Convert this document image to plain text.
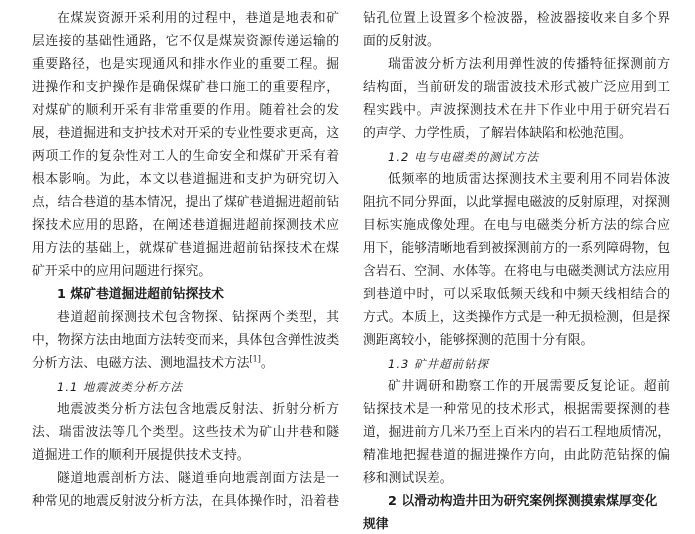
在煤炭资源开采利用的过程中，巷道是地表和矿
层连接的基础性通路，它不仅是煤炭资源传递运输的
重要路径，也是实现通风和排水作业的重要工程。掘
进操作和支护操作是确保煤矿巷口施工的重要程序，
对煤矿的顺利开采有非常重要的作用。随着社会的发
展，巷道掘进和支护技术对开采的专业性要求更高，这
两项工作的复杂性对工人的生命安全和煤矿开采有着
根本影响。为此，本文以巷道掘进和支护为研究切入
点，结合巷道的基本情况，提出了煤矿巷道掘进超前钻
探技术应用的思路，在阐述巷道掘进超前探测技术应
用方法的基础上，就煤矿巷道掘进超前钻探技术在煤
矿开采中的应用问题进行探究。
1 煤矿巷道掘进超前钻探技术
巷道超前探测技术包含物探、钻探两个类型，其
中，物探方法由地面方法转变而来，具体包含弹性波类
分析方法、电磁方法、测地温技术方法[1]。
1.1 地震波类分析方法
地震波类分析方法包含地震反射法、折射分析方
法、瑞雷波法等几个类型。这些技术为矿山井巷和隧
道掘进工作的顺利开展提供技术支持。
隧道地震剖析方法、隧道垂向地震剖面方法是一
种常见的地震反射波分析方法，在具体操作时，沿着巷
钻孔位置上设置多个检波器，检波器接收来自多个界
面的反射波。
瑞雷波分析方法利用弹性波的传播特征探测前方
结构面，当前研发的瑞雷波技术形式被广泛应用到工
程实践中。声波探测技术在井下作业中用于研究岩石
的声学、力学性质，了解岩体缺陷和松弛范围。
1.2 电与电磁类的测试方法
低频率的地质雷达探测技术主要利用不同岩体波
阻抗不同分界面，以此掌握电磁波的反射原理，对探测
目标实施成像处理。在电与电磁类分析方法的综合应
用下，能够清晰地看到被探测前方的一系列障碍物，包
含岩石、空洞、水体等。在将电与电磁类测试方法应用
到巷道中时，可以采取低频天线和中频天线相结合的
方式。本质上，这类操作方式是一种无损检测，但是探
测距离较小，能够探测的范围十分有限。
1.3 矿井超前钻探
矿井调研和勘察工作的开展需要反复论证。超前
钻探技术是一种常见的技术形式，根据需要探测的巷
道，掘进前方几米乃至上百米内的岩石工程地质情况，
精准地把握巷道的掘进操作方向，由此防范钻探的偏
移和测试误差。
2 以滑动构造井田为研究案例探测摸索煤厚变化
规律
